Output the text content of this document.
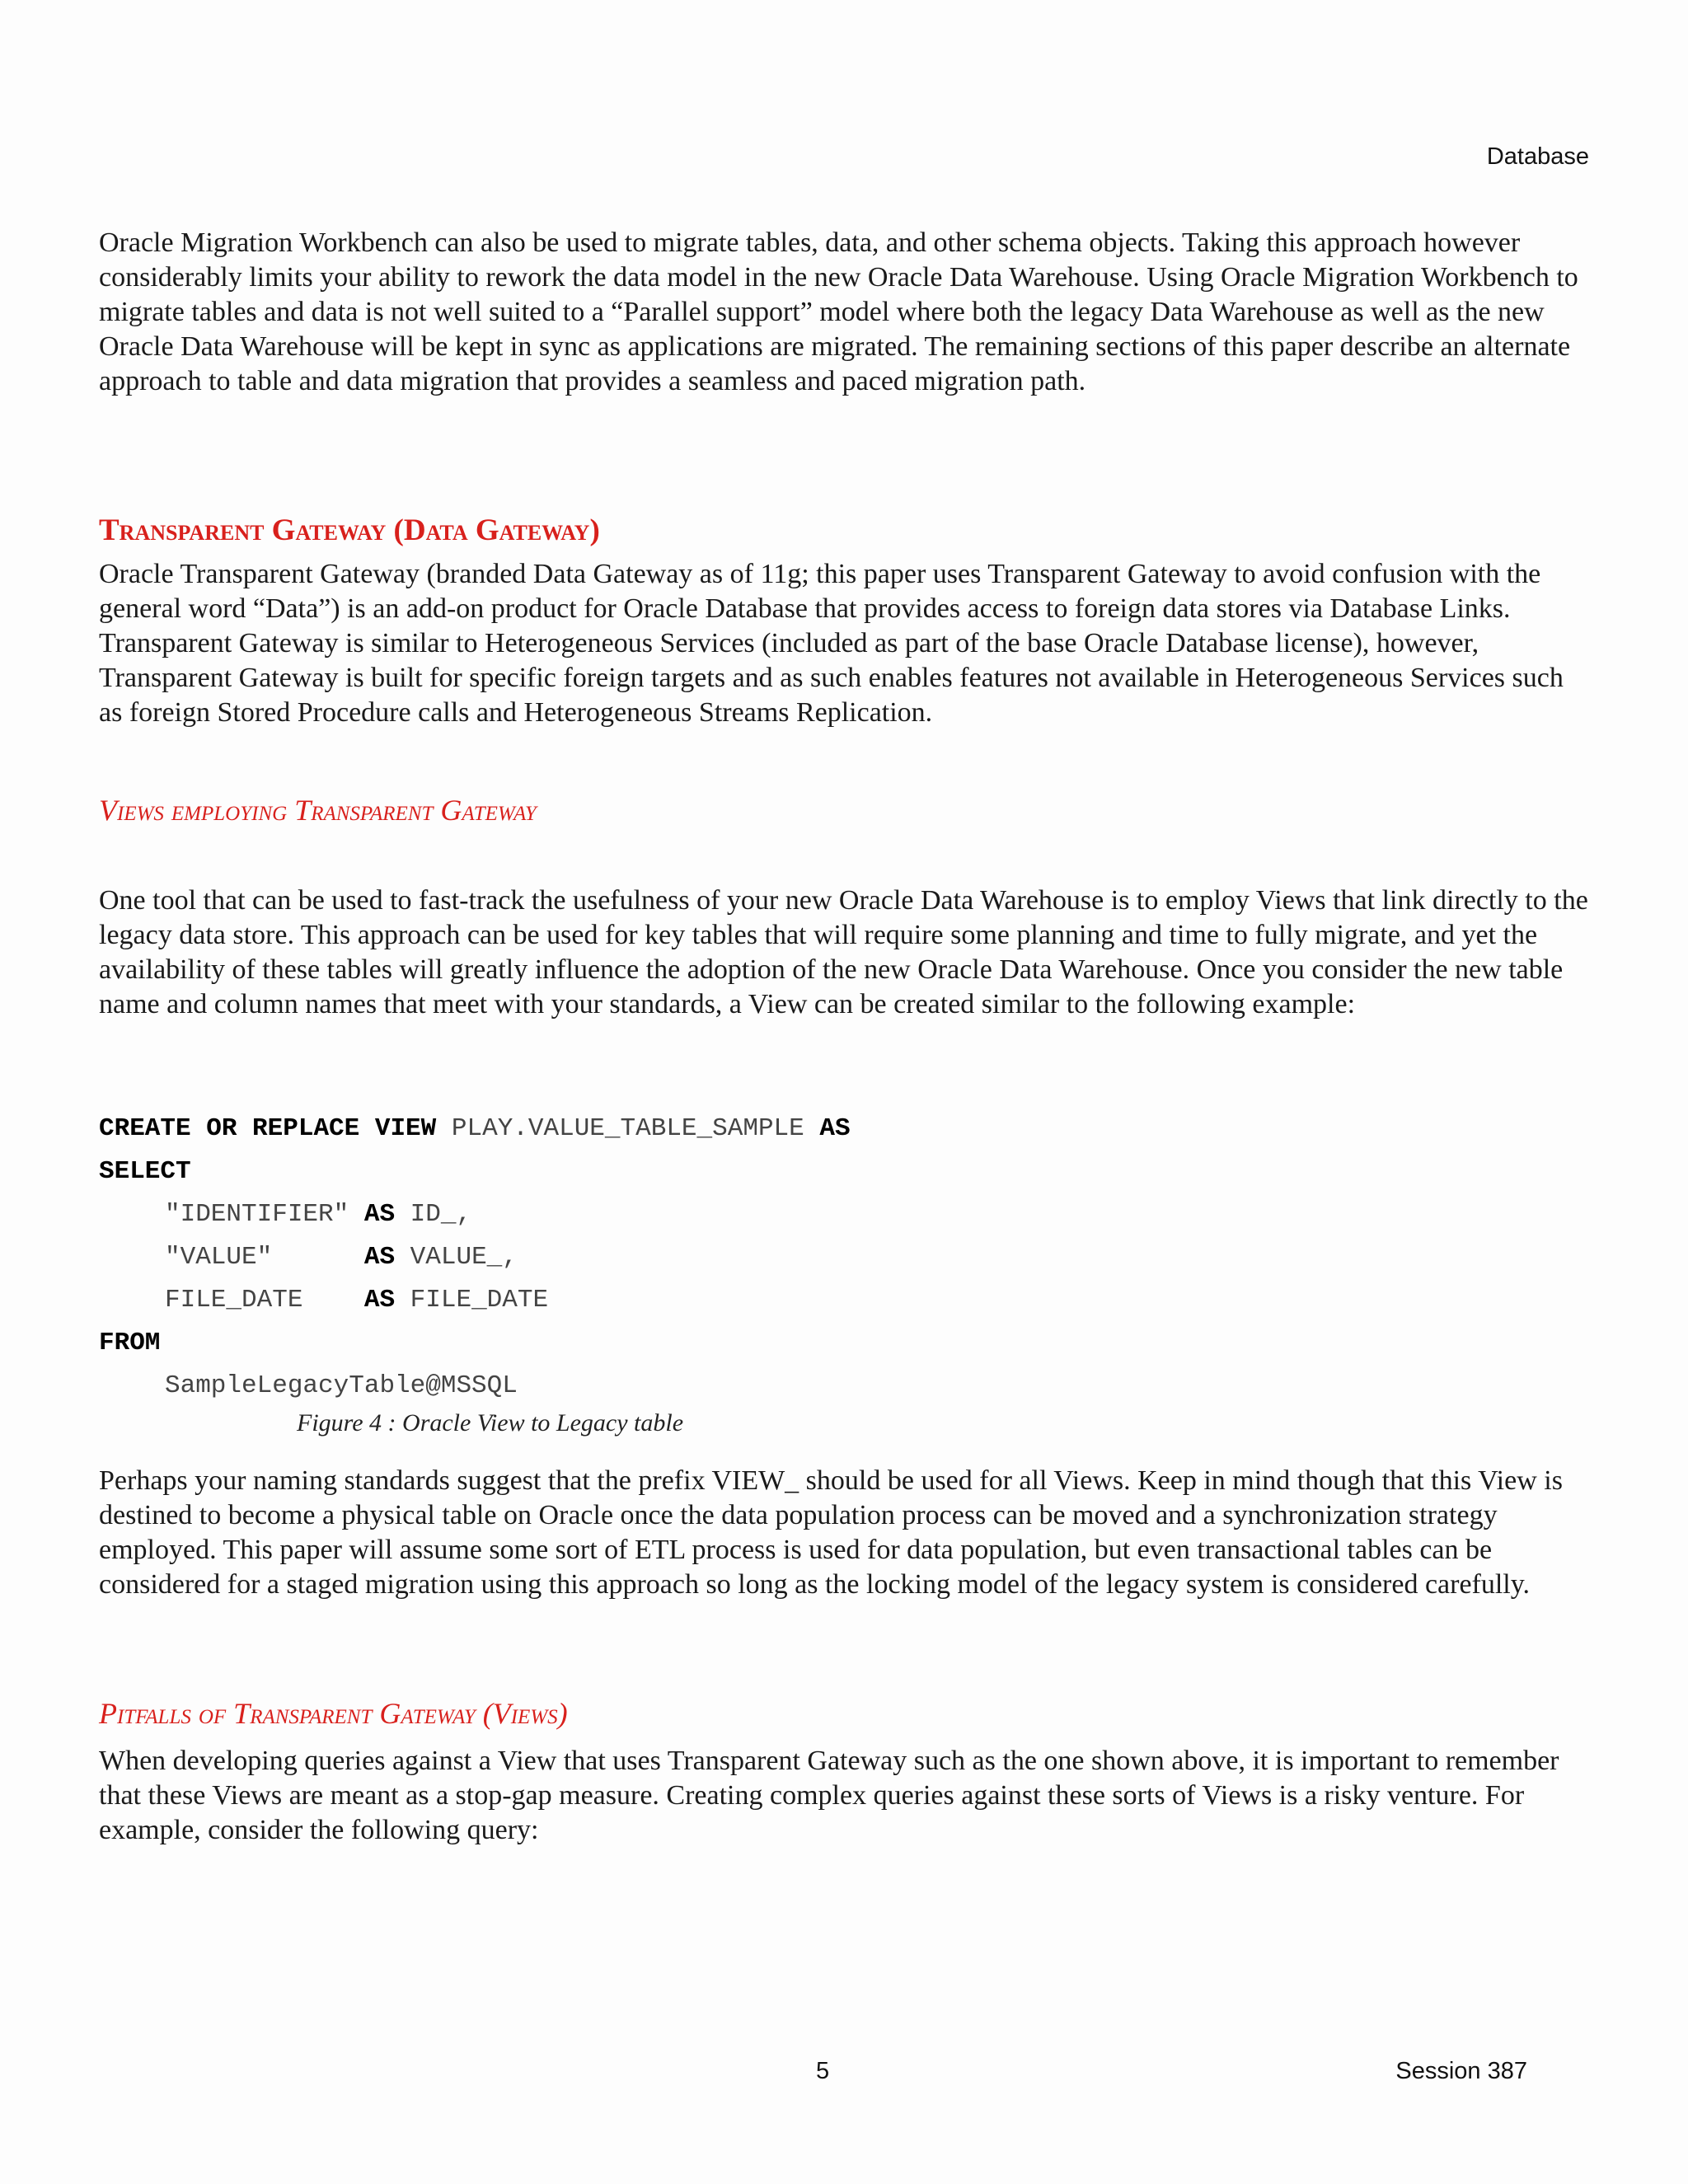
Database

Oracle Migration Workbench can also be used to migrate tables, data, and other schema objects. Taking this approach however considerably limits your ability to rework the data model in the new Oracle Data Warehouse. Using Oracle Migration Workbench to migrate tables and data is not well suited to a “Parallel support” model where both the legacy Data Warehouse as well as the new Oracle Data Warehouse will be kept in sync as applications are migrated. The remaining sections of this paper describe an alternate approach to table and data migration that provides a seamless and paced migration path.

Transparent Gateway (Data Gateway)

Oracle Transparent Gateway (branded Data Gateway as of 11g; this paper uses Transparent Gateway to avoid confusion with the general word “Data”) is an add-on product for Oracle Database that provides access to foreign data stores via Database Links. Transparent Gateway is similar to Heterogeneous Services (included as part of the base Oracle Database license), however, Transparent Gateway is built for specific foreign targets and as such enables features not available in Heterogeneous Services such as foreign Stored Procedure calls and Heterogeneous Streams Replication.

Views employing Transparent Gateway

One tool that can be used to fast-track the usefulness of your new Oracle Data Warehouse is to employ Views that link directly to the legacy data store. This approach can be used for key tables that will require some planning and time to fully migrate, and yet the availability of these tables will greatly influence the adoption of the new Oracle Data Warehouse. Once you consider the new table name and column names that meet with your standards, a View can be created similar to the following example:

CREATE OR REPLACE VIEW PLAY.VALUE_TABLE_SAMPLE AS
SELECT
"IDENTIFIER" AS ID_,
"VALUE"      AS VALUE_,
FILE_DATE    AS FILE_DATE
FROM
SampleLegacyTable@MSSQL
Figure 4 : Oracle View to Legacy table

Perhaps your naming standards suggest that the prefix VIEW_ should be used for all Views. Keep in mind though that this View is destined to become a physical table on Oracle once the data population process can be moved and a synchronization strategy employed. This paper will assume some sort of ETL process is used for data population, but even transactional tables can be considered for a staged migration using this approach so long as the locking model of the legacy system is considered carefully.

Pitfalls of Transparent Gateway (Views)

When developing queries against a View that uses Transparent Gateway such as the one shown above, it is important to remember that these Views are meant as a stop-gap measure. Creating complex queries against these sorts of Views is a risky venture. For example, consider the following query:

5	Session 387
